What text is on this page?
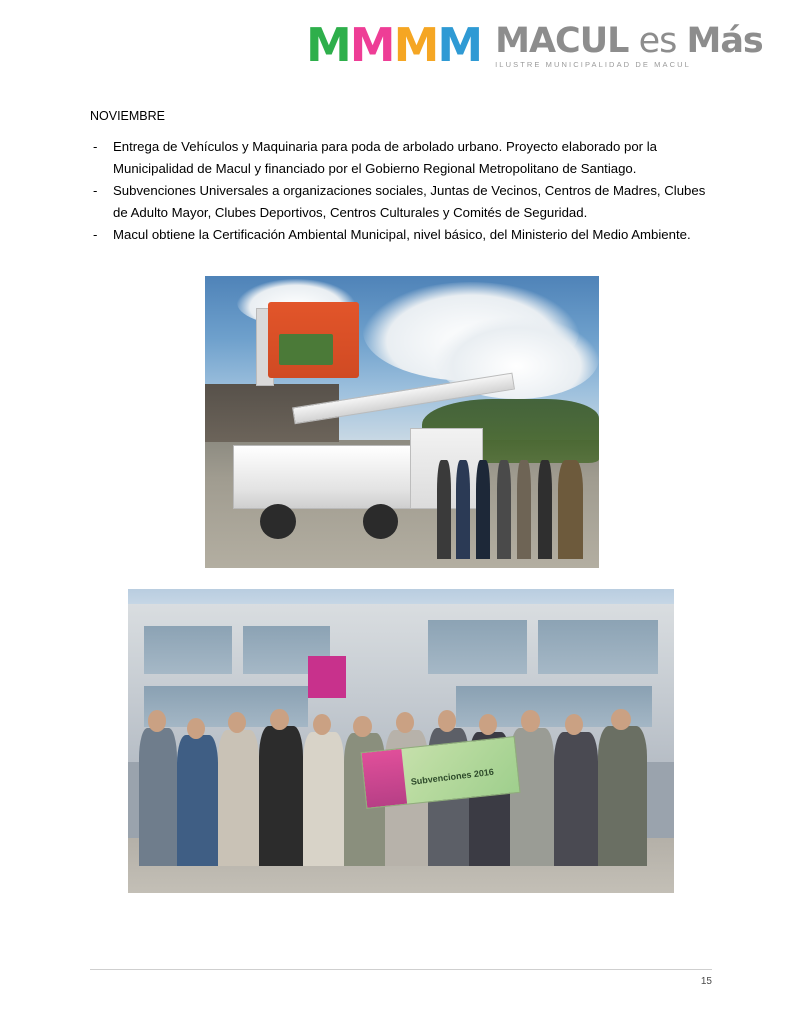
M M M M MACUL es Más
ILUSTRE MUNICIPALIDAD DE MACUL
NOVIEMBRE
- Entrega de Vehículos y Maquinaria para poda de arbolado urbano. Proyecto elaborado por la Municipalidad de Macul y financiado por el Gobierno Regional Metropolitano de Santiago.
- Subvenciones Universales a organizaciones sociales, Juntas de Vecinos, Centros de Madres, Clubes de Adulto Mayor, Clubes Deportivos, Centros Culturales y Comités de Seguridad.
- Macul obtiene la Certificación Ambiental Municipal, nivel básico, del Ministerio del Medio Ambiente.
Subvenciones 2016
15
